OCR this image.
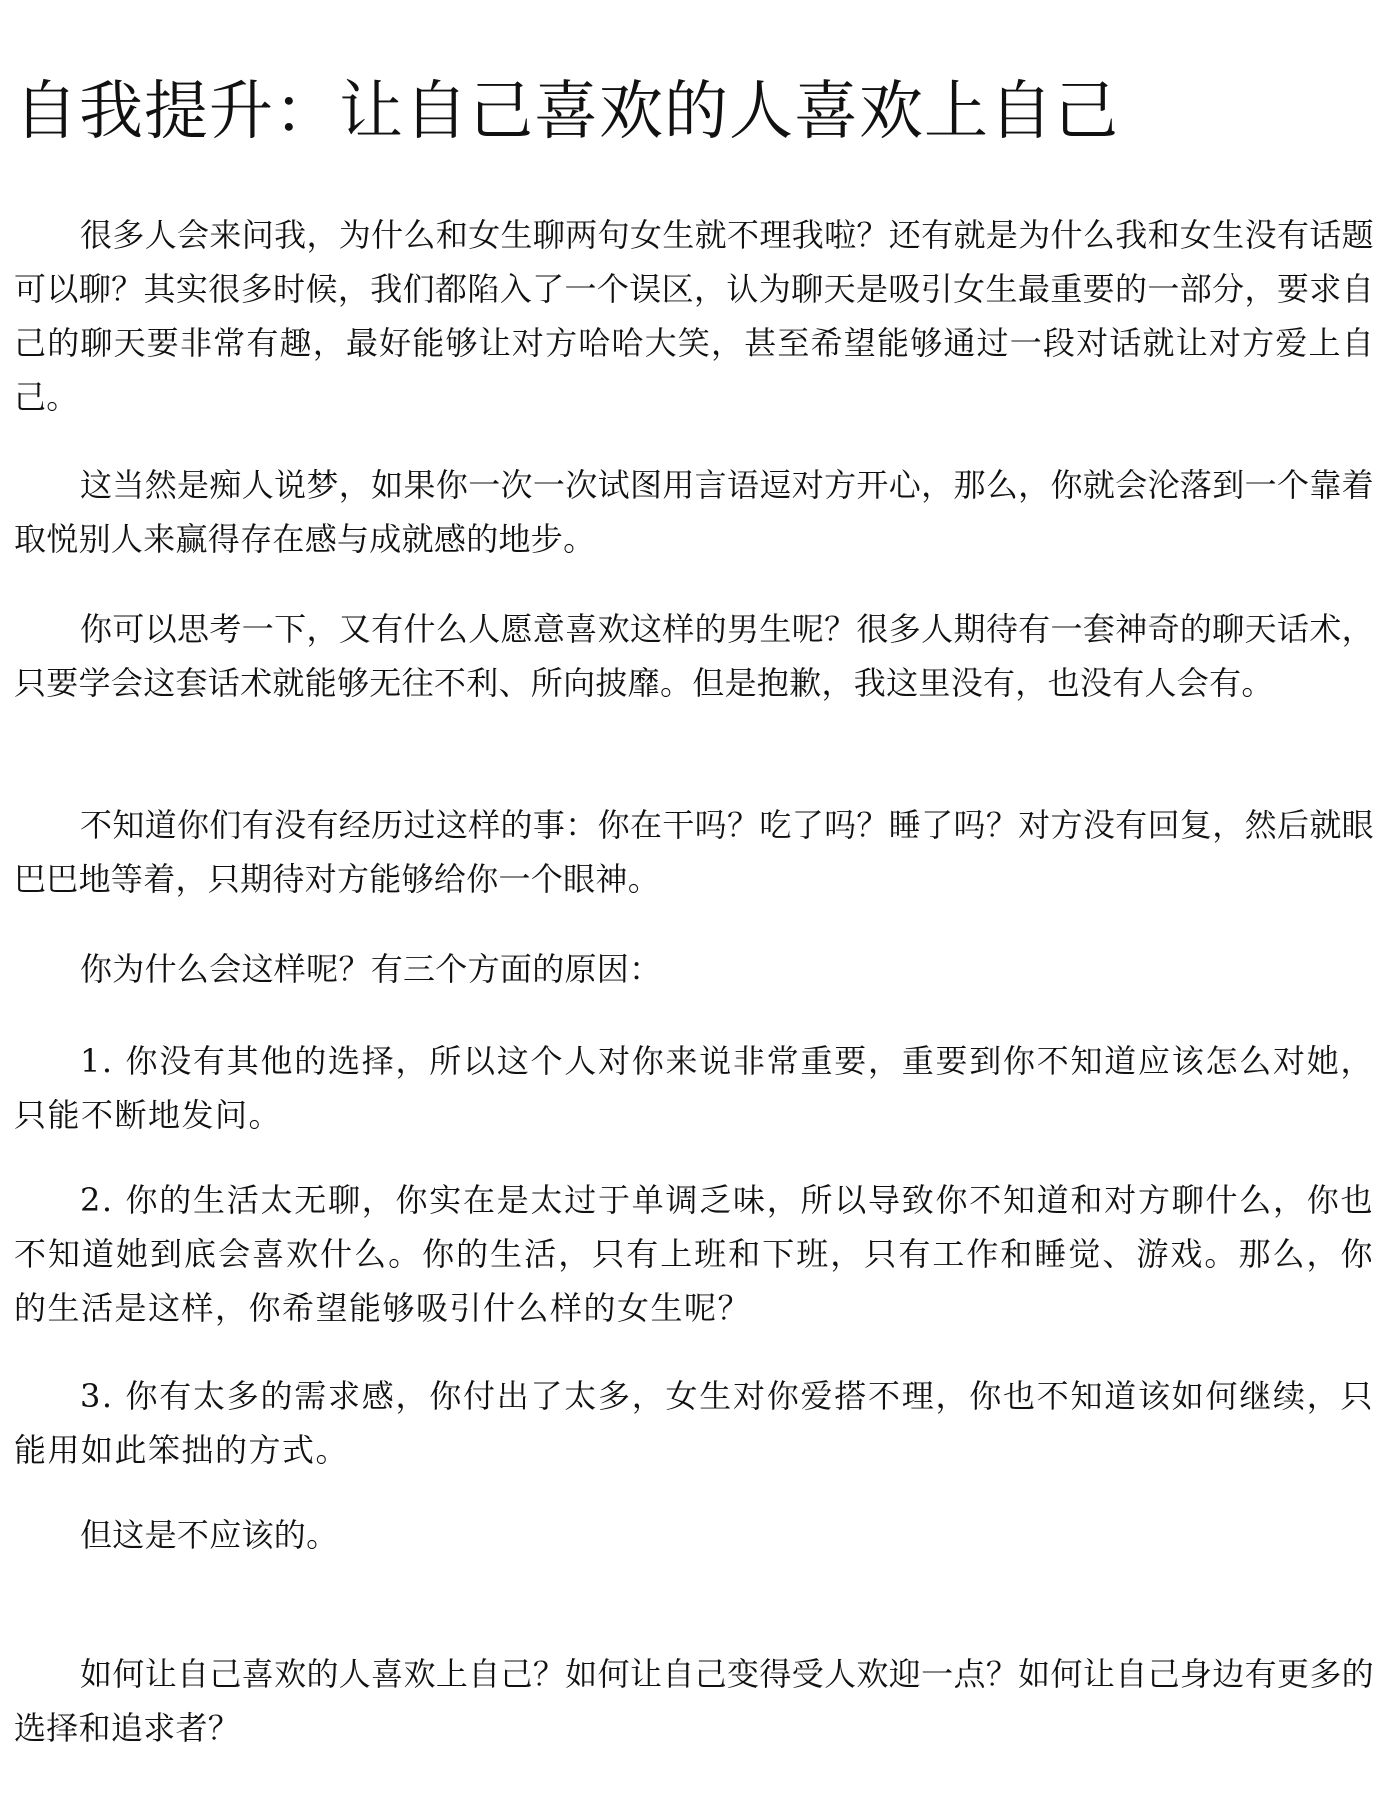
自我提升：让自己喜欢的人喜欢上自己

很多人会来问我，为什么和女生聊两句女生就不理我啦？还有就是为什么我和女生没有话题可以聊？其实很多时候，我们都陷入了一个误区，认为聊天是吸引女生最重要的一部分，要求自己的聊天要非常有趣，最好能够让对方哈哈大笑，甚至希望能够通过一段对话就让对方爱上自己。

这当然是痴人说梦，如果你一次一次试图用言语逗对方开心，那么，你就会沦落到一个靠着取悦别人来赢得存在感与成就感的地步。

你可以思考一下，又有什么人愿意喜欢这样的男生呢？很多人期待有一套神奇的聊天话术，只要学会这套话术就能够无往不利、所向披靡。但是抱歉，我这里没有，也没有人会有。

不知道你们有没有经历过这样的事：你在干吗？吃了吗？睡了吗？对方没有回复，然后就眼巴巴地等着，只期待对方能够给你一个眼神。

你为什么会这样呢？有三个方面的原因：

1. 你没有其他的选择，所以这个人对你来说非常重要，重要到你不知道应该怎么对她，只能不断地发问。

2. 你的生活太无聊，你实在是太过于单调乏味，所以导致你不知道和对方聊什么，你也不知道她到底会喜欢什么。你的生活，只有上班和下班，只有工作和睡觉、游戏。那么，你的生活是这样，你希望能够吸引什么样的女生呢？

3. 你有太多的需求感，你付出了太多，女生对你爱搭不理，你也不知道该如何继续，只能用如此笨拙的方式。

但这是不应该的。

如何让自己喜欢的人喜欢上自己？如何让自己变得受人欢迎一点？如何让自己身边有更多的选择和追求者？
